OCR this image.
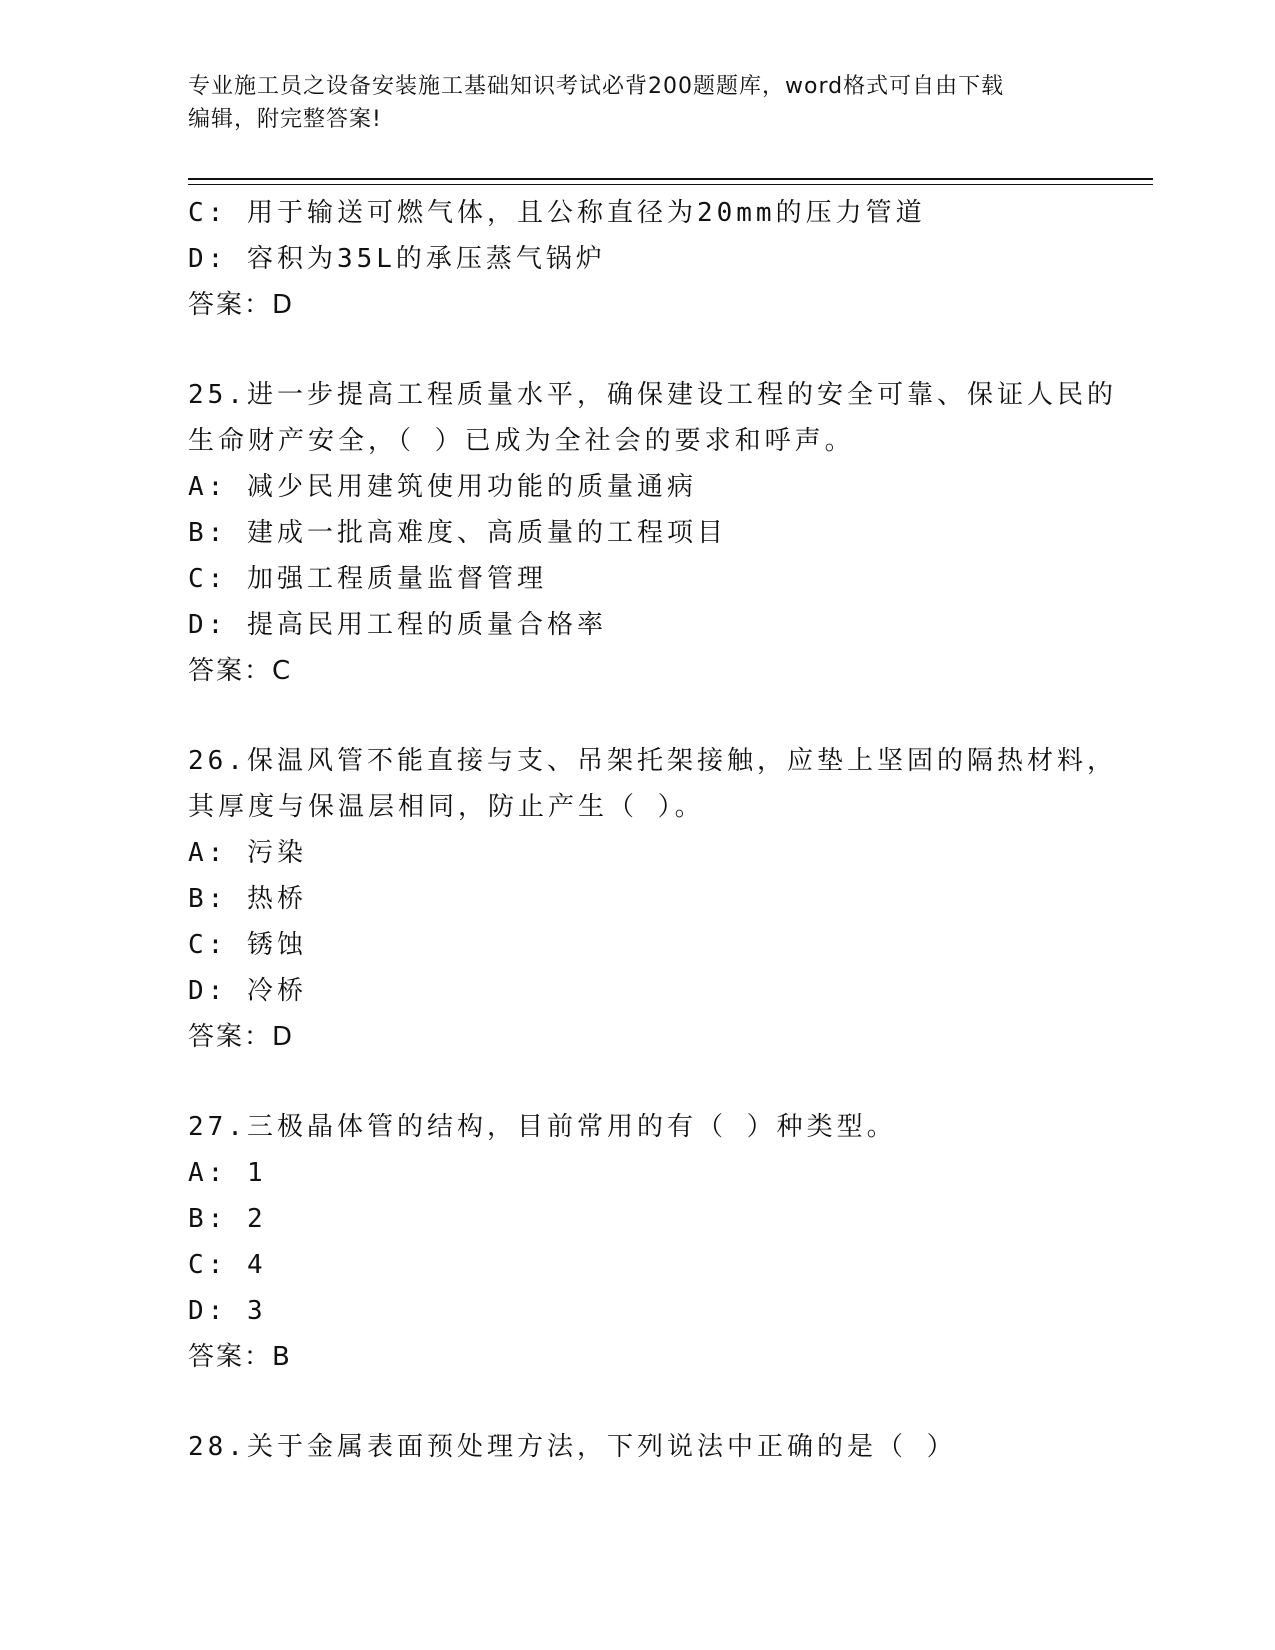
专业施工员之设备安装施工基础知识考试必背200题题库，word格式可自由下载
编辑，附完整答案!
C: 用于输送可燃气体，且公称直径为20mm的压力管道
D: 容积为35L的承压蒸气锅炉
答案：D
25.进一步提高工程质量水平，确保建设工程的安全可靠、保证人民的
生命财产安全，（ ）已成为全社会的要求和呼声。
A: 减少民用建筑使用功能的质量通病
B: 建成一批高难度、高质量的工程项目
C: 加强工程质量监督管理
D: 提高民用工程的质量合格率
答案：C
26.保温风管不能直接与支、吊架托架接触，应垫上坚固的隔热材料，
其厚度与保温层相同，防止产生（ ）。
A: 污染
B: 热桥
C: 锈蚀
D: 冷桥
答案：D
27.三极晶体管的结构，目前常用的有（ ）种类型。
A: 1
B: 2
C: 4
D: 3
答案：B
28.关于金属表面预处理方法，下列说法中正确的是（ ）
